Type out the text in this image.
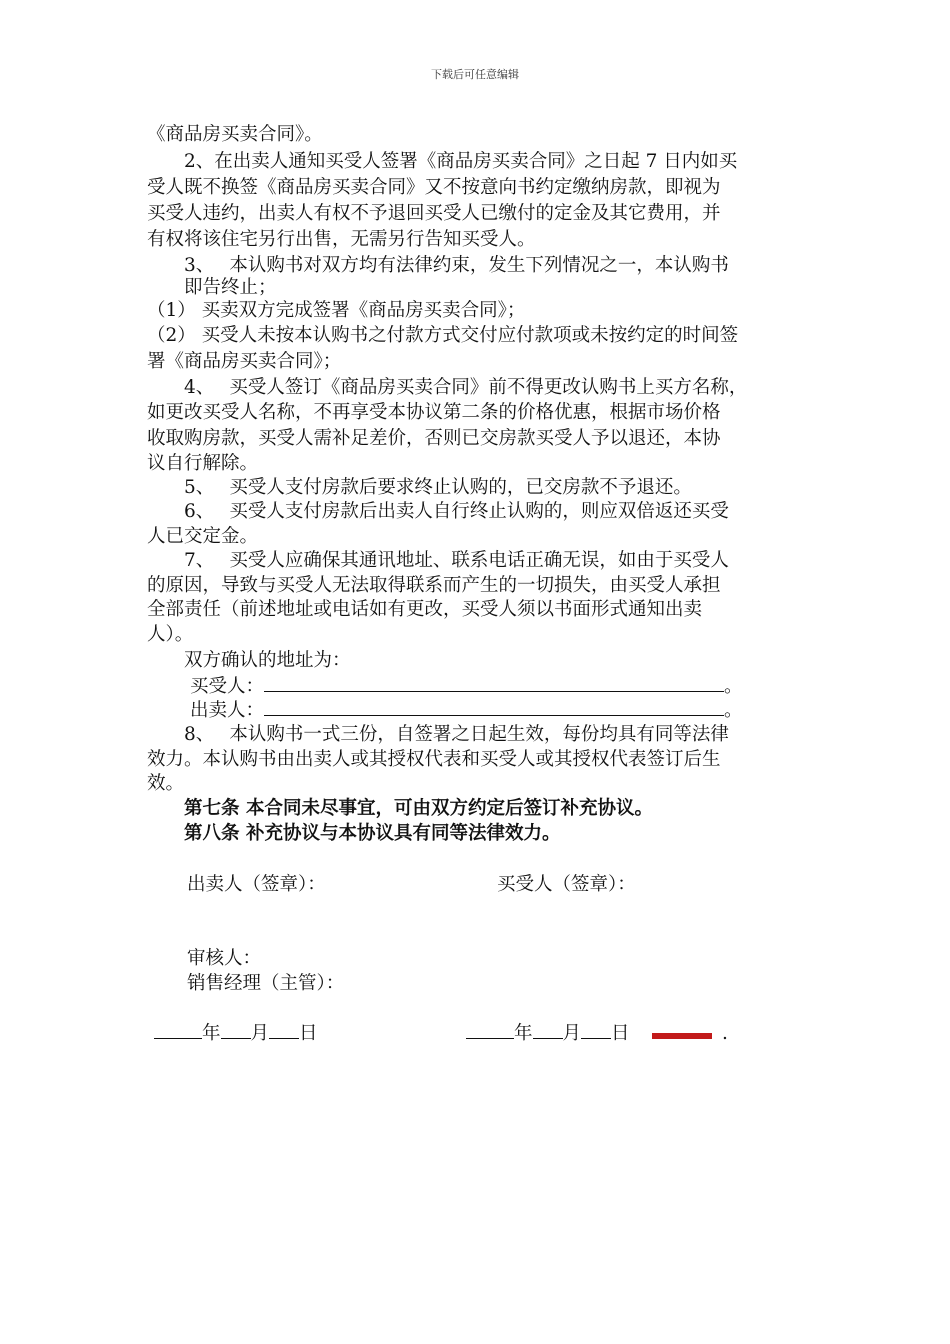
下载后可任意编辑
《商品房买卖合同》。
　　2、在出卖人通知买受人签署《商品房买卖合同》之日起 7 日内如买
受人既不换签《商品房买卖合同》又不按意向书约定缴纳房款，即视为
买受人违约，出卖人有权不予退回买受人已缴付的定金及其它费用，并
有权将该住宅另行出售，无需另行告知买受人。
　　3、　 本认购书对双方均有法律约束，发生下列情况之一，本认购书
　　即告终止；
（1） 买卖双方完成签署《商品房买卖合同》；
（2） 买受人未按本认购书之付款方式交付应付款项或未按约定的时间签
署《商品房买卖合同》；
　　4、　 买受人签订《商品房买卖合同》前不得更改认购书上买方名称，
如更改买受人名称，不再享受本协议第二条的价格优惠，根据市场价格
收取购房款，买受人需补足差价，否则已交房款买受人予以退还，本协
议自行解除。
　　5、　 买受人支付房款后要求终止认购的，已交房款不予退还。
　　6、　 买受人支付房款后出卖人自行终止认购的，则应双倍返还买受
人已交定金。
　　7、　 买受人应确保其通讯地址、联系电话正确无误，如由于买受人
的原因，导致与买受人无法取得联系而产生的一切损失，由买受人承担
全部责任（前述地址或电话如有更改，买受人须以书面形式通知出卖
人）。
　　双方确认的地址为：
买受人：	。
出卖人：	。
　　8、　 本认购书一式三份，自签署之日起生效，每份均具有同等法律
效力。本认购书由出卖人或其授权代表和买受人或其授权代表签订后生
效。
　　第七条 本合同未尽事宜，可由双方约定后签订补充协议。
　　第八条 补充协议与本协议具有同等法律效力。
出卖人（签章）：	买受人（签章）：
审核人：
销售经理（主管）：
年 月 日	年 月 日	.
